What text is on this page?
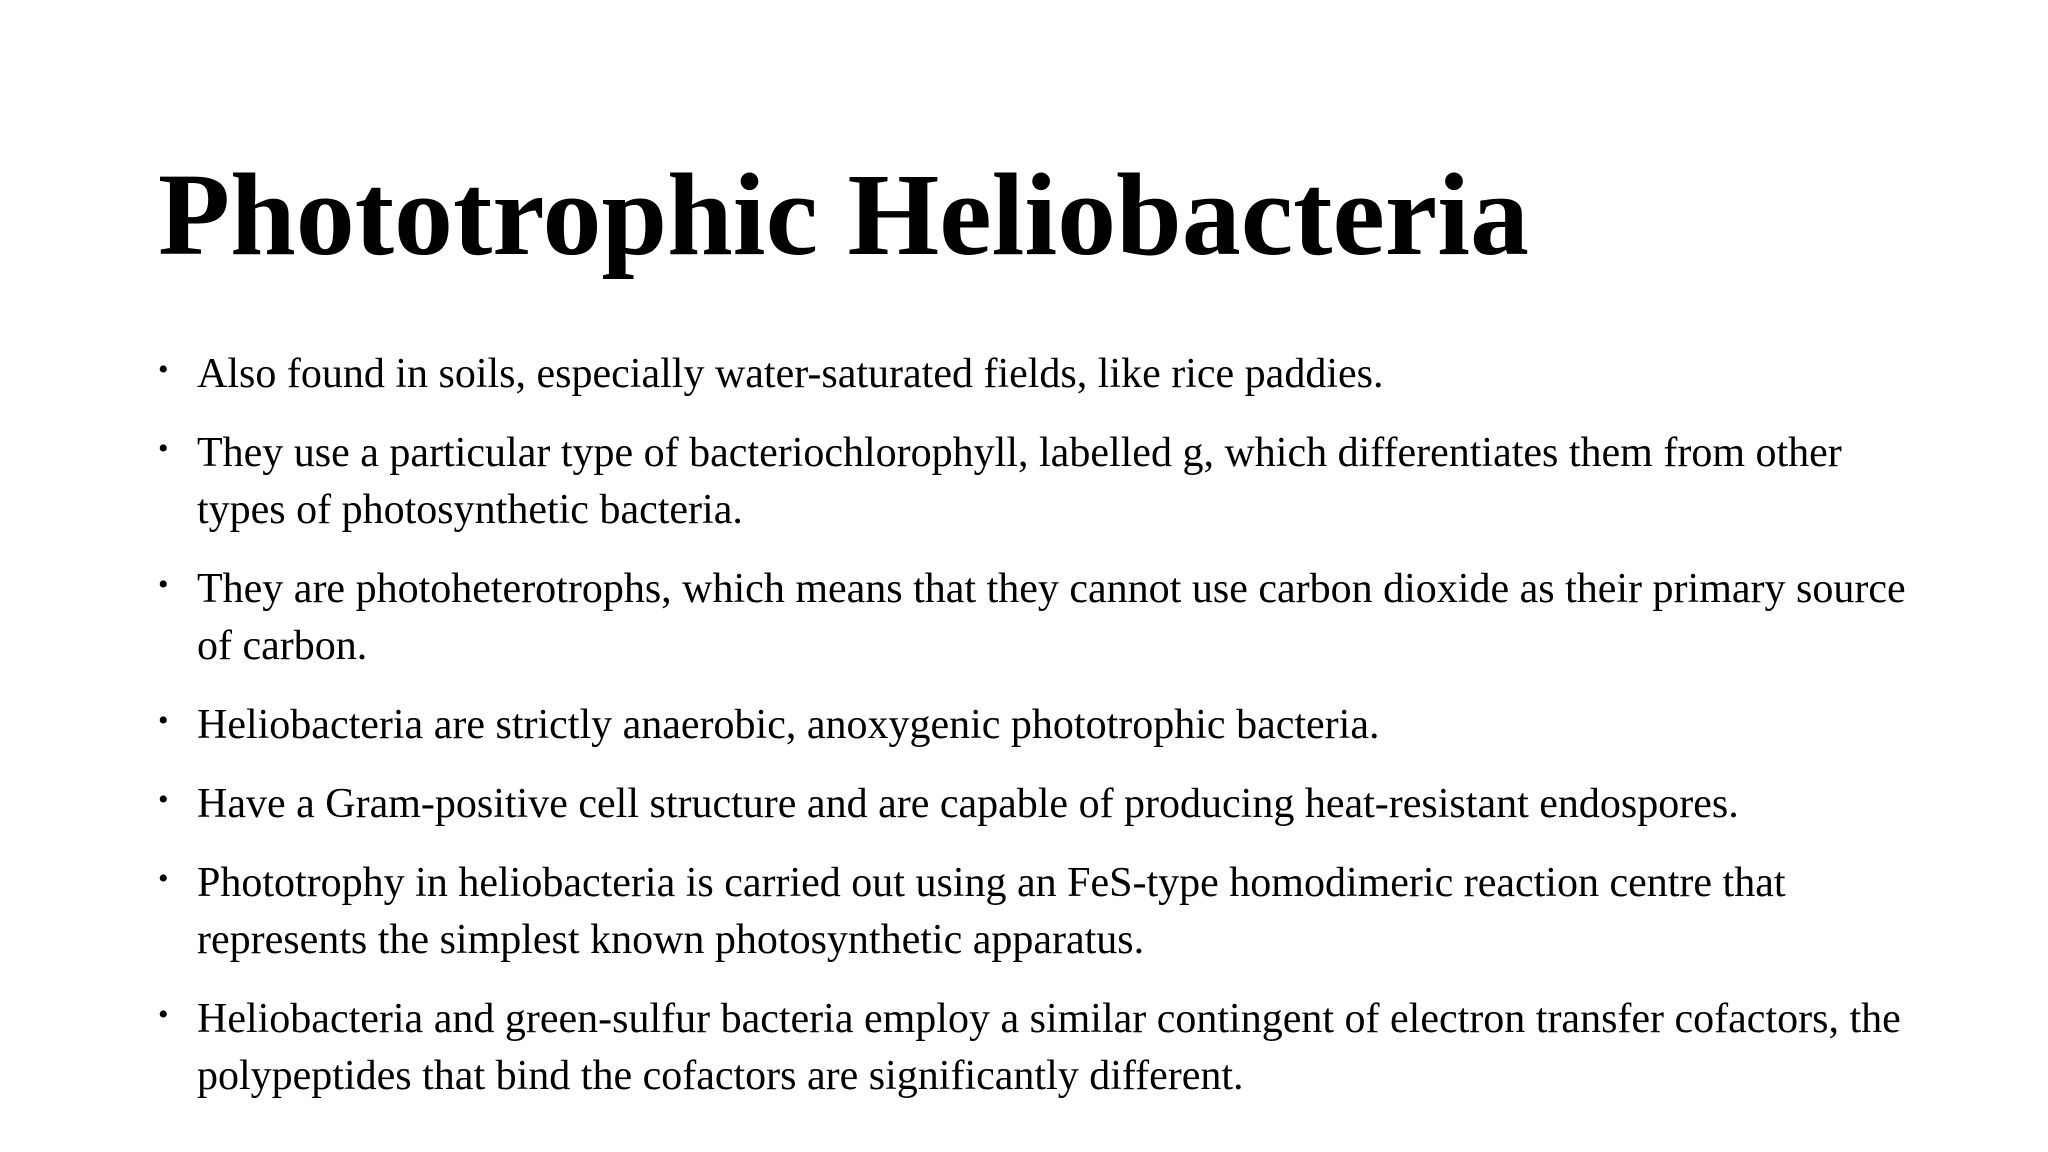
Phototrophic Heliobacteria
• Also found in soils, especially water-saturated fields, like rice paddies.
• They use a particular type of bacteriochlorophyll, labelled g, which differentiates them from other types of photosynthetic bacteria.
• They are photoheterotrophs, which means that they cannot use carbon dioxide as their primary source of carbon.
• Heliobacteria are strictly anaerobic, anoxygenic phototrophic bacteria.
• Have a Gram-positive cell structure and are capable of producing heat-resistant endospores.
• Phototrophy in heliobacteria is carried out using an FeS-type homodimeric reaction centre that represents the simplest known photosynthetic apparatus.
• Heliobacteria and green-sulfur bacteria employ a similar contingent of electron transfer cofactors, the polypeptides that bind the cofactors are significantly different.
